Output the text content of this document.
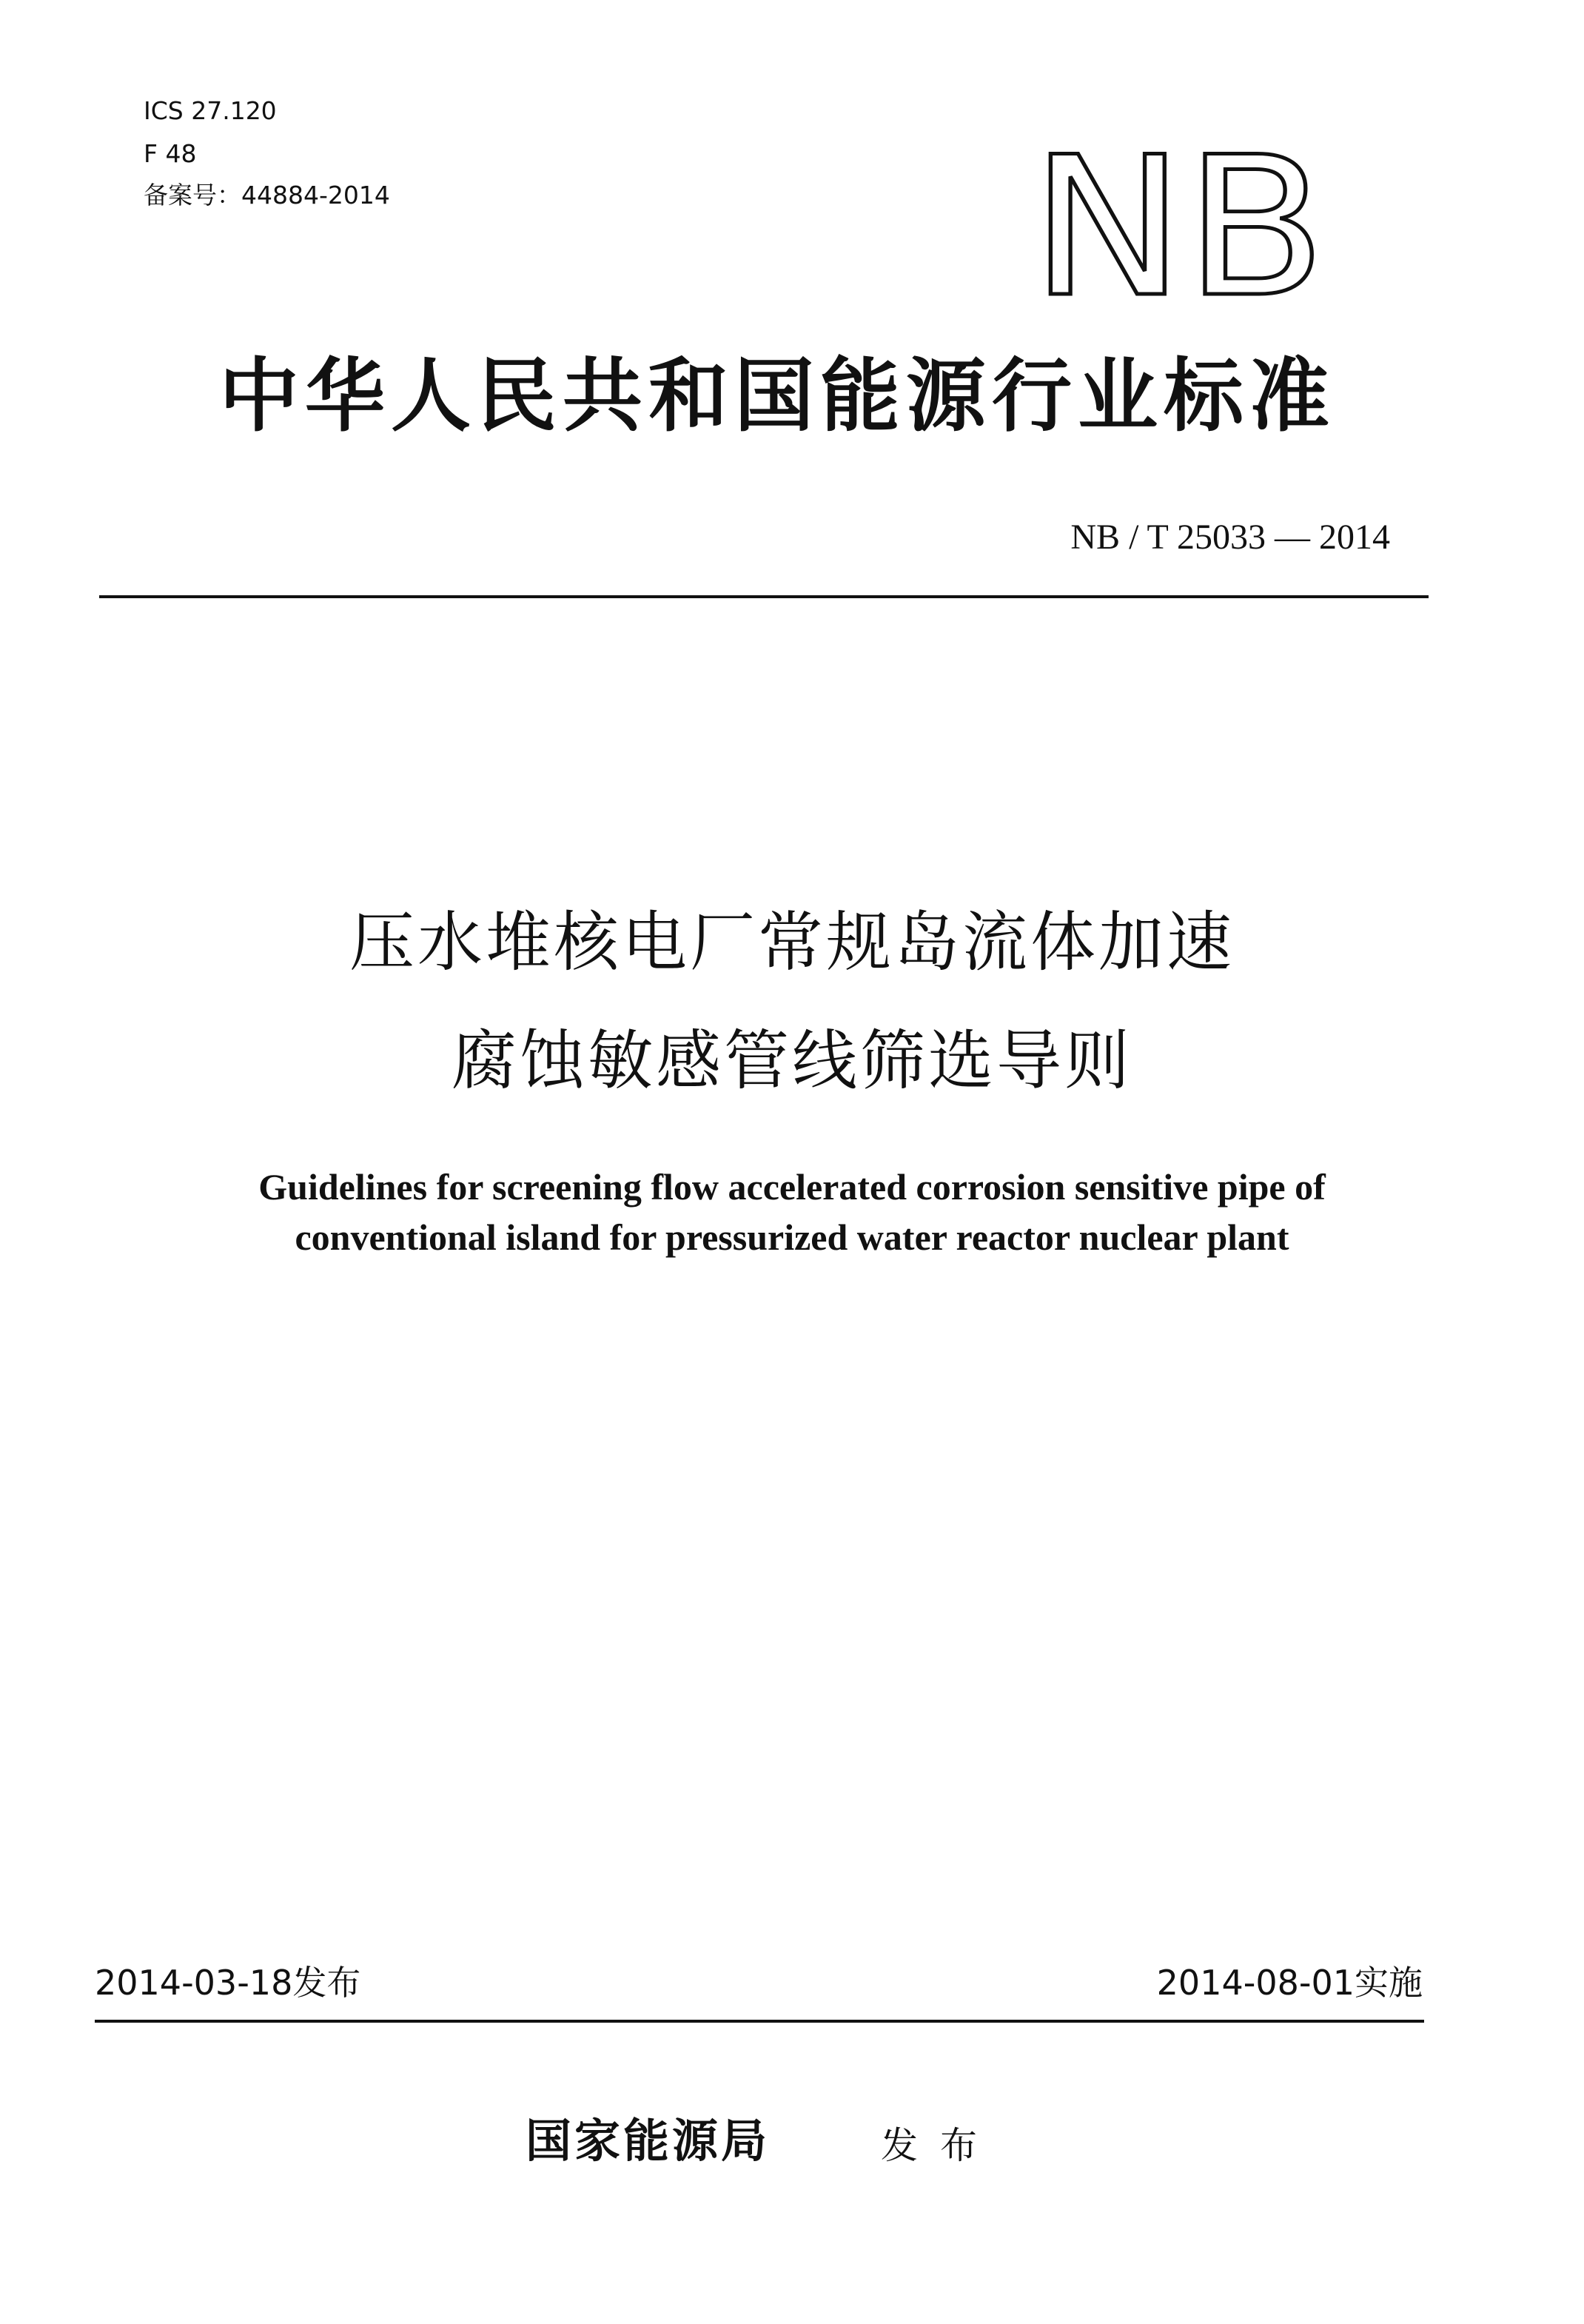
ICS 27.120
F 48
备案号：44884-2014	NB
中华人民共和国能源行业标准
NB / T 25033 — 2014
压水堆核电厂常规岛流体加速
腐蚀敏感管线筛选导则
Guidelines for screening flow accelerated corrosion sensitive pipe of
conventional island for pressurized water reactor nuclear plant
2014-03-18发布	2014-08-01实施
国家能源局	发布
